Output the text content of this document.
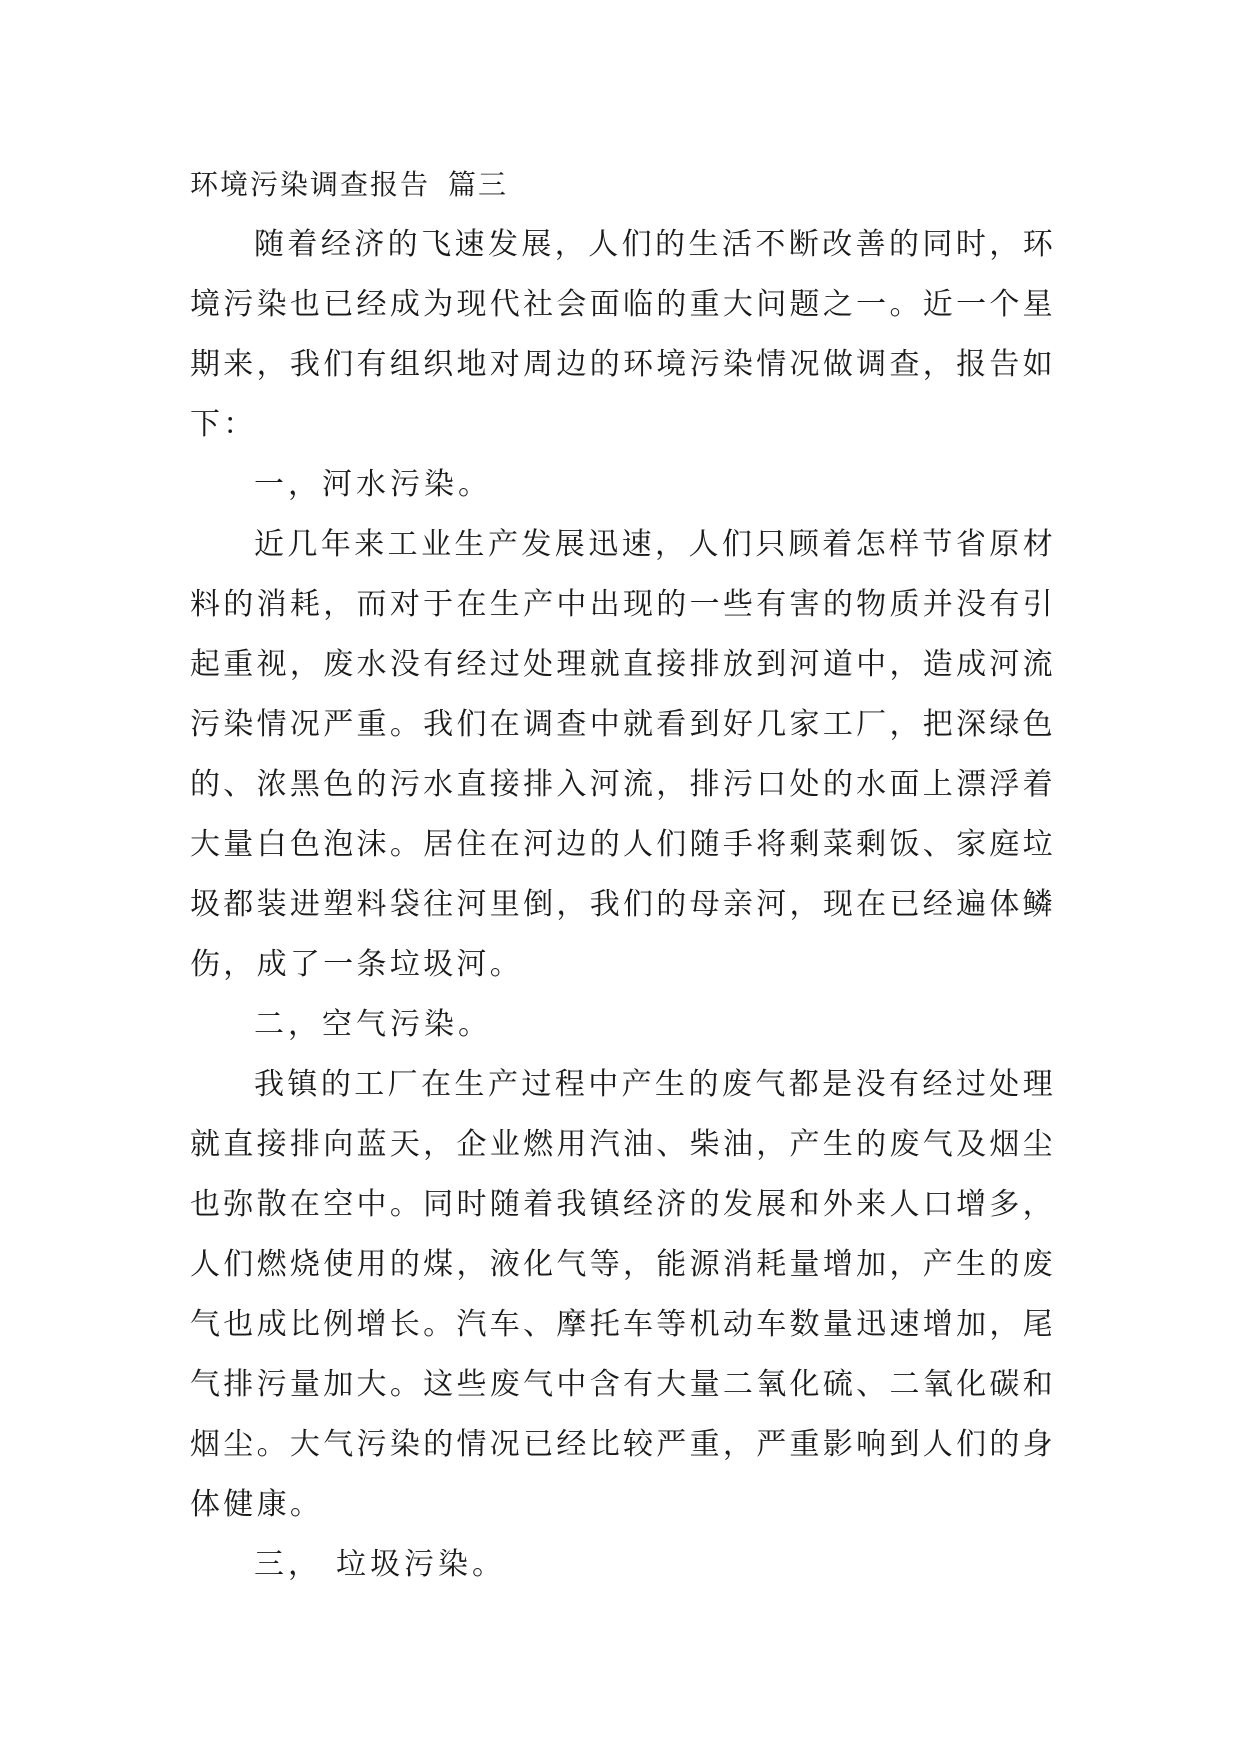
环境污染调查报告 篇三

随着经济的飞速发展，人们的生活不断改善的同时，环境污染也已经成为现代社会面临的重大问题之一。近一个星期来，我们有组织地对周边的环境污染情况做调查，报告如下：

一，河水污染。

近几年来工业生产发展迅速，人们只顾着怎样节省原材料的消耗，而对于在生产中出现的一些有害的物质并没有引起重视，废水没有经过处理就直接排放到河道中，造成河流污染情况严重。我们在调查中就看到好几家工厂，把深绿色的、浓黑色的污水直接排入河流，排污口处的水面上漂浮着大量白色泡沫。居住在河边的人们随手将剩菜剩饭、家庭垃圾都装进塑料袋往河里倒，我们的母亲河，现在已经遍体鳞伤，成了一条垃圾河。

二，空气污染。

我镇的工厂在生产过程中产生的废气都是没有经过处理就直接排向蓝天，企业燃用汽油、柴油，产生的废气及烟尘也弥散在空中。同时随着我镇经济的发展和外来人口增多，人们燃烧使用的煤，液化气等，能源消耗量增加，产生的废气也成比例增长。汽车、摩托车等机动车数量迅速增加，尾气排污量加大。这些废气中含有大量二氧化硫、二氧化碳和烟尘。大气污染的情况已经比较严重，严重影响到人们的身体健康。

三， 垃圾污染。
